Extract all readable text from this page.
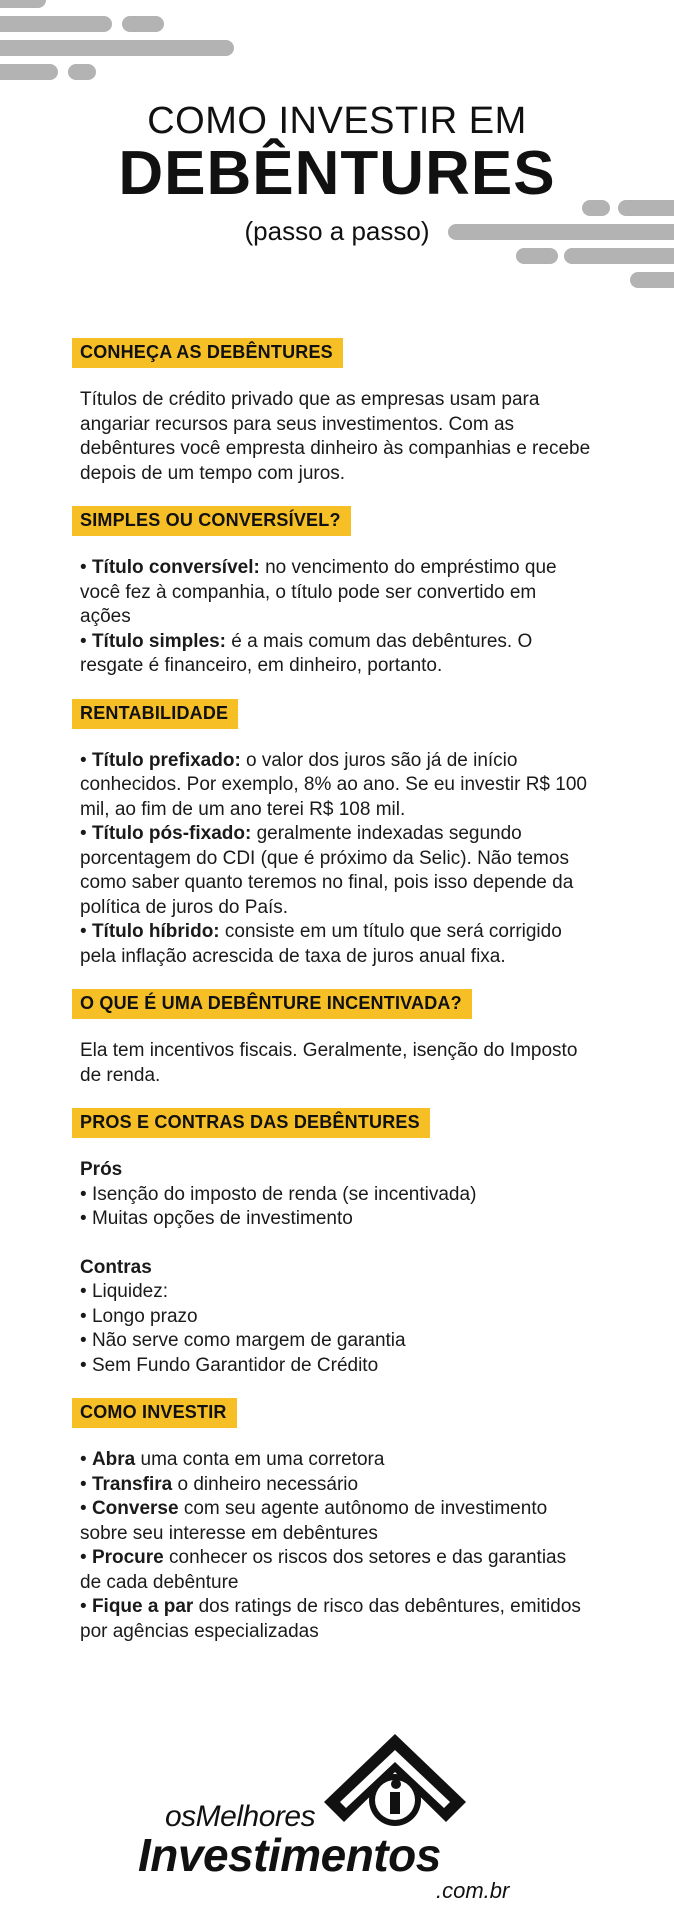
COMO INVESTIR EM
DEBÊNTURES
(passo a passo)
CONHEÇA AS DEBÊNTURES
Títulos de crédito privado que as empresas usam para angariar recursos para seus investimentos. Com as debêntures você empresta dinheiro às companhias e recebe depois de um tempo com juros.
SIMPLES OU CONVERSÍVEL?
• Título conversível: no vencimento do empréstimo que você fez à companhia, o título pode ser convertido em ações
• Título simples: é a mais comum das debêntures. O resgate é financeiro, em dinheiro, portanto.
RENTABILIDADE
• Título prefixado: o valor dos juros são já de início conhecidos. Por exemplo, 8% ao ano. Se eu investir R$ 100 mil, ao fim de um ano terei R$ 108 mil.
• Título pós-fixado: geralmente indexadas segundo porcentagem do CDI (que é próximo da Selic). Não temos como saber quanto teremos no final, pois isso depende da política de juros do País.
• Título híbrido: consiste em um título que será corrigido pela inflação acrescida de taxa de juros anual fixa.
O QUE É UMA DEBÊNTURE INCENTIVADA?
Ela tem incentivos fiscais. Geralmente, isenção do Imposto de renda.
PROS E CONTRAS DAS DEBÊNTURES
Prós
• Isenção do imposto de renda (se incentivada)
• Muitas opções de investimento
Contras
• Liquidez:
• Longo prazo
• Não serve como margem de garantia
• Sem Fundo Garantidor de Crédito
COMO INVESTIR
• Abra uma conta em uma corretora
• Transfira o dinheiro necessário
• Converse com seu agente autônomo de investimento sobre seu interesse em debêntures
• Procure conhecer os riscos dos setores e das garantias de cada debênture
• Fique a par dos ratings de risco das debêntures, emitidos por agências especializadas
osMelhores
Investimentos
.com.br
